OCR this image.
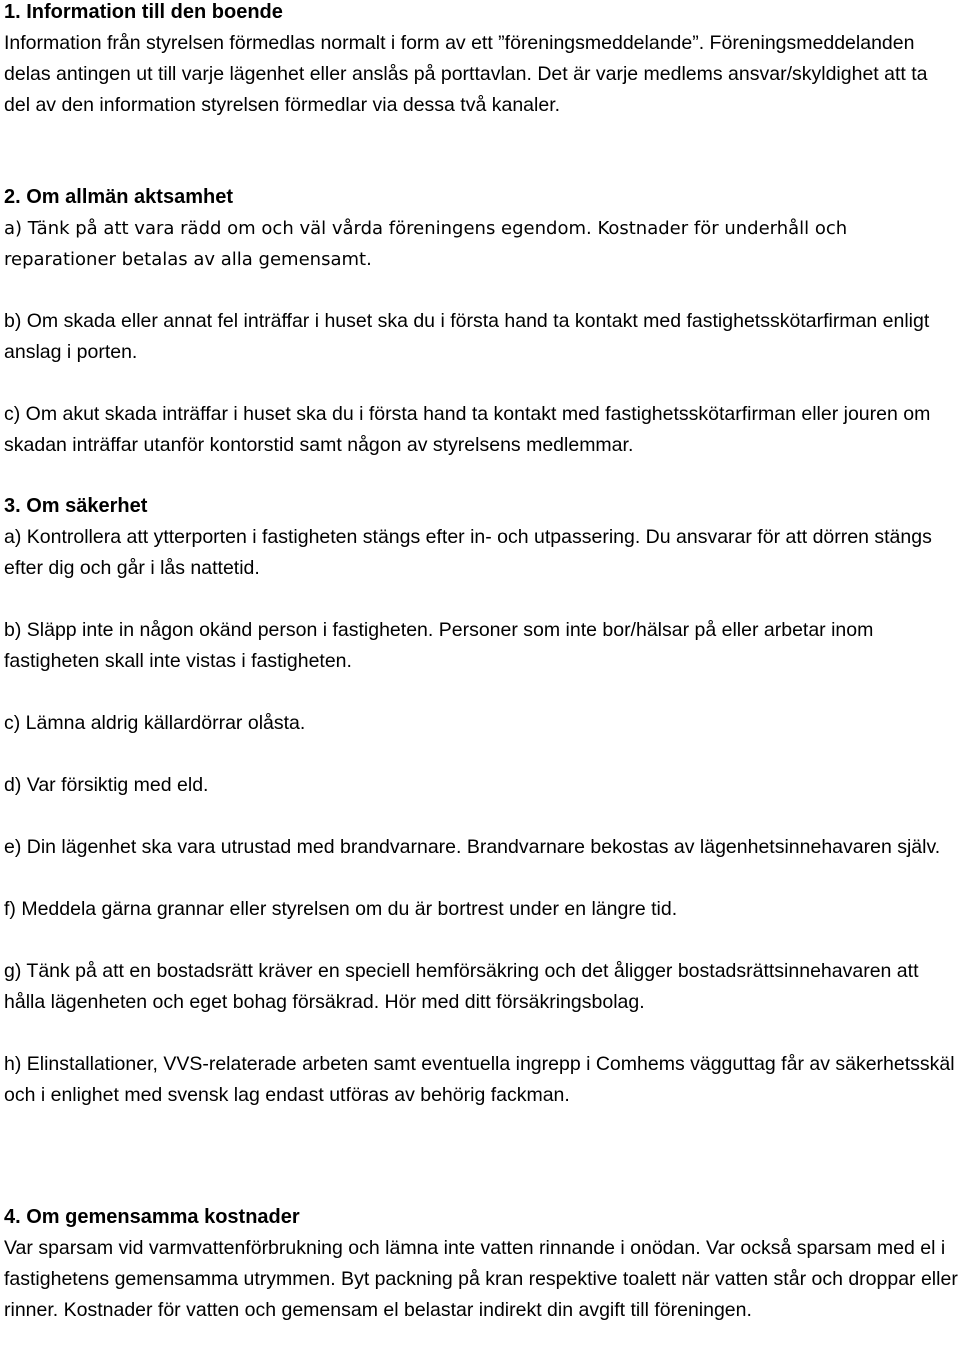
1. Information till den boende

Information från styrelsen förmedlas normalt i form av ett ”föreningsmeddelande”. Föreningsmeddelanden delas antingen ut till varje lägenhet eller anslås på porttavlan. Det är varje medlems ansvar/skyldighet att ta del av den information styrelsen förmedlar via dessa två kanaler.

2. Om allmän aktsamhet

a) Tänk på att vara rädd om och väl vårda föreningens egendom. Kostnader för underhåll och reparationer betalas av alla gemensamt.

b) Om skada eller annat fel inträffar i huset ska du i första hand ta kontakt med fastighetsskötarfirman enligt anslag i porten.

c) Om akut skada inträffar i huset ska du i första hand ta kontakt med fastighetsskötarfirman eller jouren om skadan inträffar utanför kontorstid samt någon av styrelsens medlemmar.

3. Om säkerhet

a) Kontrollera att ytterporten i fastigheten stängs efter in- och utpassering. Du ansvarar för att dörren stängs efter dig och går i lås nattetid.

b) Släpp inte in någon okänd person i fastigheten. Personer som inte bor/hälsar på eller arbetar inom fastigheten skall inte vistas i fastigheten.

c) Lämna aldrig källardörrar olåsta.

d) Var försiktig med eld.

e) Din lägenhet ska vara utrustad med brandvarnare. Brandvarnare bekostas av lägenhetsinnehavaren själv.

f) Meddela gärna grannar eller styrelsen om du är bortrest under en längre tid.

g) Tänk på att en bostadsrätt kräver en speciell hemförsäkring och det åligger bostadsrättsinnehavaren att hålla lägenheten och eget bohag försäkrad. Hör med ditt försäkringsbolag.

h) Elinstallationer, VVS-relaterade arbeten samt eventuella ingrepp i Comhems vägguttag får av säkerhetsskäl och i enlighet med svensk lag endast utföras av behörig fackman.

4. Om gemensamma kostnader

Var sparsam vid varmvattenförbrukning och lämna inte vatten rinnande i onödan. Var också sparsam med el i fastighetens gemensamma utrymmen. Byt packning på kran respektive toalett när vatten står och droppar eller rinner. Kostnader för vatten och gemensam el belastar indirekt din avgift till föreningen.
